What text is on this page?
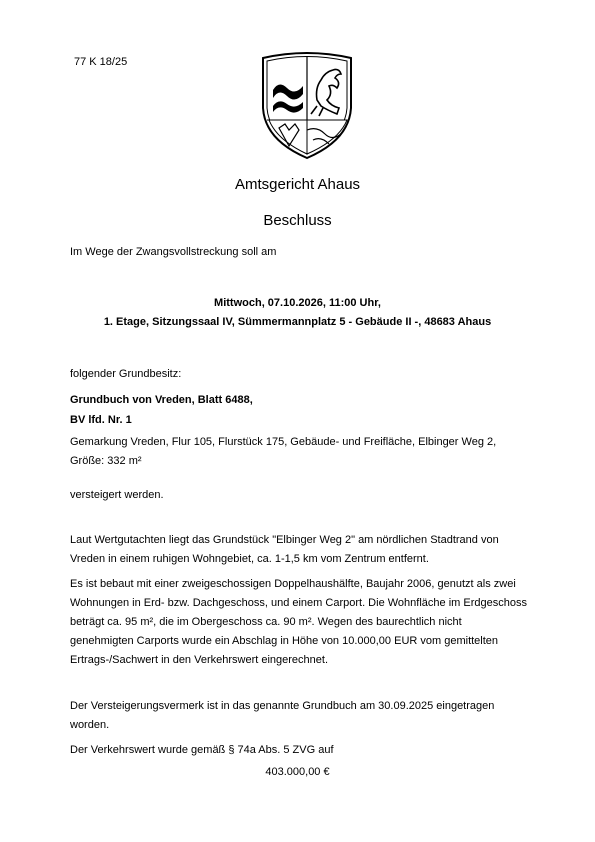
77 K 18/25
Amtsgericht Ahaus
Beschluss
Im Wege der Zwangsvollstreckung soll am
Mittwoch, 07.10.2026, 11:00 Uhr,
1. Etage, Sitzungssaal IV, Sümmermannplatz 5 - Gebäude II -, 48683 Ahaus
folgender Grundbesitz:
Grundbuch von Vreden, Blatt 6488,
BV lfd. Nr. 1
Gemarkung Vreden, Flur 105, Flurstück 175, Gebäude- und Freifläche, Elbinger Weg 2, Größe: 332 m²
versteigert werden.
Laut Wertgutachten liegt das Grundstück "Elbinger Weg 2" am nördlichen Stadtrand von Vreden in einem ruhigen Wohngebiet, ca. 1-1,5 km vom Zentrum entfernt.
Es ist bebaut mit einer zweigeschossigen Doppelhaushälfte, Baujahr 2006, genutzt als zwei Wohnungen in Erd- bzw. Dachgeschoss, und einem Carport. Die Wohnfläche im Erdgeschoss beträgt ca. 95 m², die im Obergeschoss ca. 90 m². Wegen des baurechtlich nicht genehmigten Carports wurde ein Abschlag in Höhe von 10.000,00 EUR vom gemittelten Ertrags-/Sachwert in den Verkehrswert eingerechnet.
Der Versteigerungsvermerk ist in das genannte Grundbuch am 30.09.2025 eingetragen worden.
Der Verkehrswert wurde gemäß § 74a Abs. 5 ZVG auf
403.000,00 €
